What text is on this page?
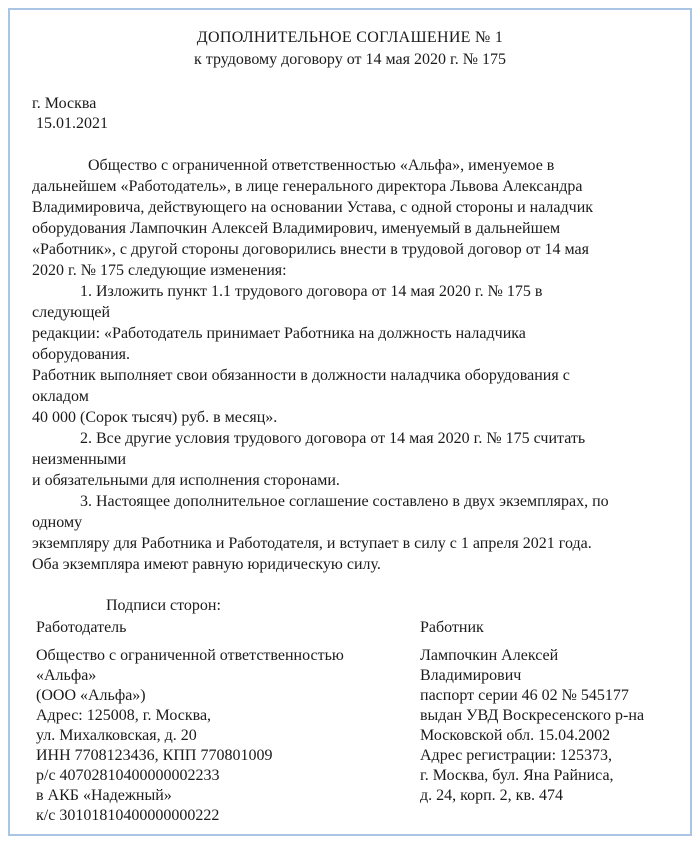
ДОПОЛНИТЕЛЬНОЕ СОГЛАШЕНИЕ № 1
к трудовому договору от 14 мая 2020 г. № 175
г. Москва
15.01.2021
Общество с ограниченной ответственностью «Альфа», именуемое в
дальнейшем «Работодатель», в лице генерального директора Львова Александра
Владимировича, действующего на основании Устава, с одной стороны и наладчик
оборудования Лампочкин Алексей Владимирович, именуемый в дальнейшем
«Работник», с другой стороны договорились внести в трудовой договор от 14 мая
2020 г. № 175 следующие изменения:
1. Изложить пункт 1.1 трудового договора от 14 мая 2020 г. № 175 в
следующей
редакции: «Работодатель принимает Работника на должность наладчика
оборудования.
Работник выполняет свои обязанности в должности наладчика оборудования с
окладом
40 000 (Сорок тысяч) руб. в месяц».
2. Все другие условия трудового договора от 14 мая 2020 г. № 175 считать
неизменными
и обязательными для исполнения сторонами.
3. Настоящее дополнительное соглашение составлено в двух экземплярах, по
одному
экземпляру для Работника и Работодателя, и вступает в силу с 1 апреля 2021 года.
Оба экземпляра имеют равную юридическую силу.
Подписи сторон:
Работодатель
Общество с ограниченной ответственностью
«Альфа»
(ООО «Альфа»)
Адрес: 125008, г. Москва,
ул. Михалковская, д. 20
ИНН 7708123436, КПП 770801009
р/с 40702810400000002233
в АКБ «Надежный»
к/с 30101810400000000222
Работник
Лампочкин Алексей
Владимирович
паспорт серии 46 02 № 545177
выдан УВД Воскресенского р-на
Московской обл. 15.04.2002
Адрес регистрации: 125373,
г. Москва, бул. Яна Райниса,
д. 24, корп. 2, кв. 474
